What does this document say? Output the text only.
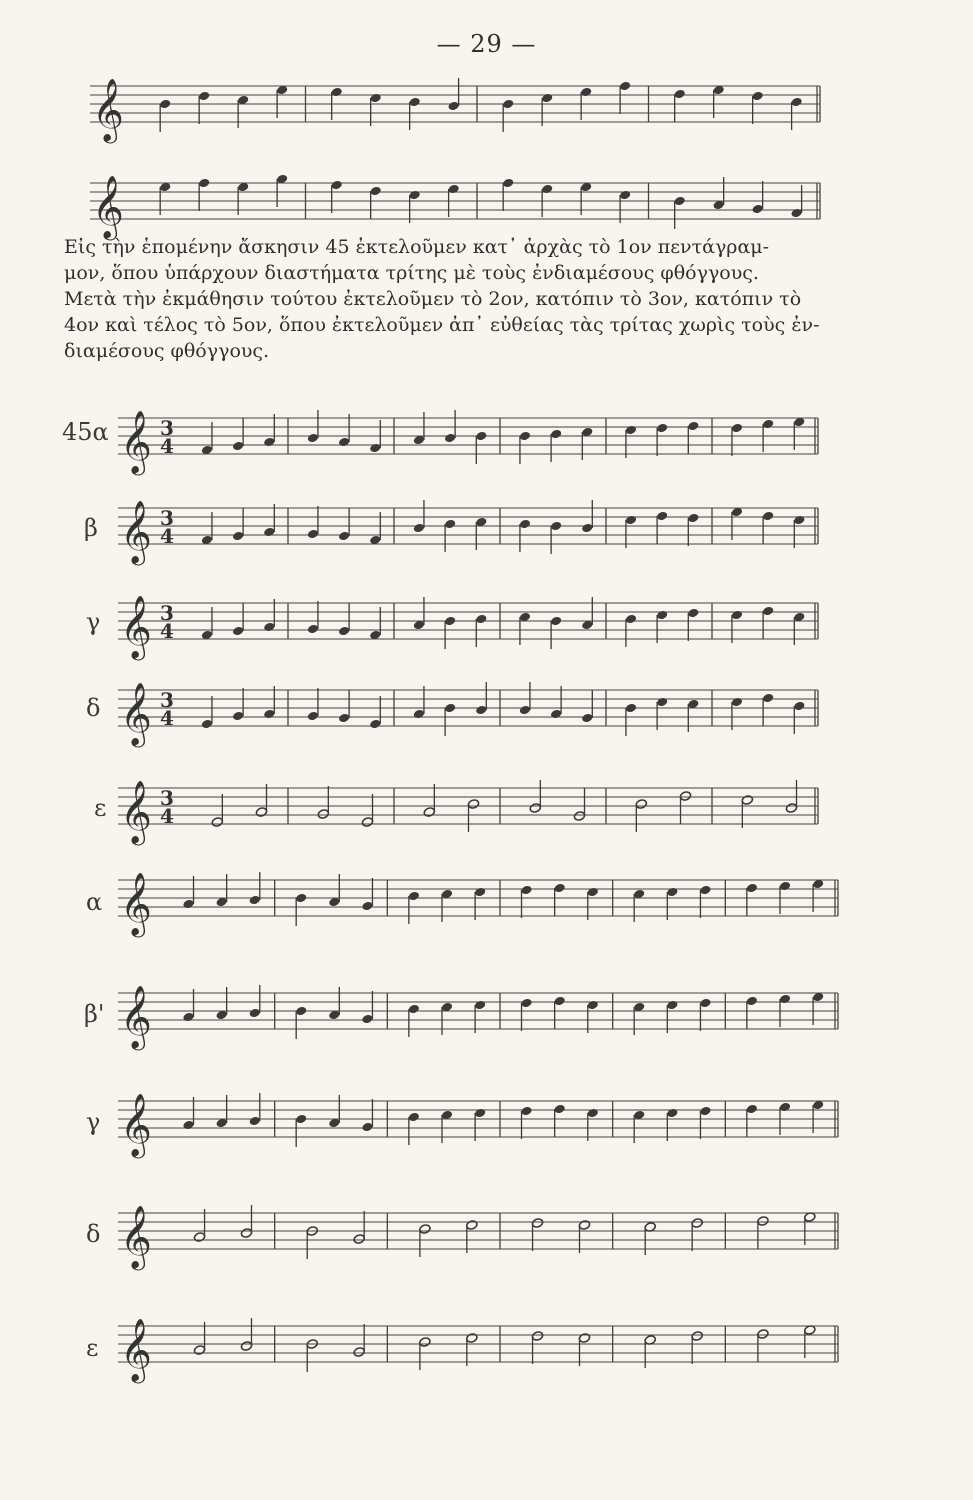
— 29 —
𝄞
𝄞
Εἰς τὴν ἑπομένην ἄσκησιν 45 ἐκτελοῦμεν κατ᾽ ἀρχὰς τὸ 1ον πεντάγραμ-
μον, ὅπου ὑπάρχουν διαστήματα τρίτης μὲ τοὺς ἐνδιαμέσους φθόγγους.
Μετὰ τὴν ἐκμάθησιν τούτου ἐκτελοῦμεν τὸ 2ον, κατόπιν τὸ 3ον, κατόπιν τὸ
4ον καὶ τέλος τὸ 5ον, ὅπου ἐκτελοῦμεν ἀπ᾽ εὐθείας τὰς τρίτας χωρὶς τοὺς ἐν-
διαμέσους φθόγγους.
45α 𝄞 3
4
β 𝄞 3
4
γ 𝄞 3
4
δ 𝄞 3
4
ε 𝄞 3
4
α 𝄞
β' 𝄞
γ 𝄞
δ 𝄞
ε 𝄞
